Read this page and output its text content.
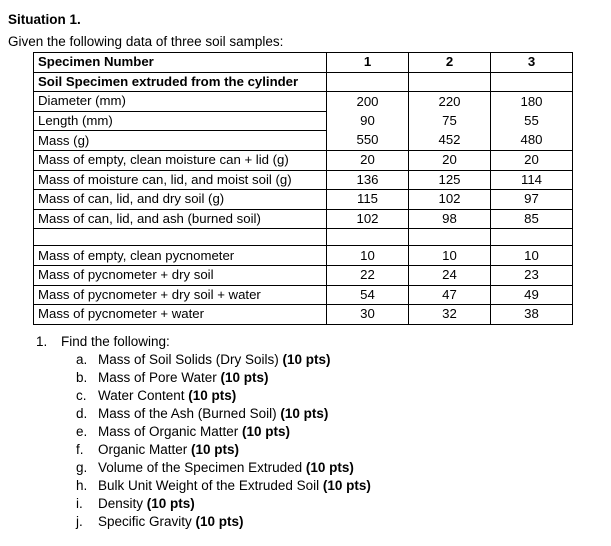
Situation 1.
Given the following data of three soil samples:
Specimen Number	1	2	3
Soil Specimen extruded from the cylinder			
Diameter (mm)	200	220	180
Length (mm)	90	75	55
Mass (g)	550	452	480
Mass of empty, clean moisture can + lid (g)	20	20	20
Mass of moisture can, lid, and moist soil (g)	136	125	114
Mass of can, lid, and dry soil (g)	115	102	97
Mass of can, lid, and ash (burned soil)	102	98	85

Mass of empty, clean pycnometer	10	10	10
Mass of pycnometer + dry soil	22	24	23
Mass of pycnometer + dry soil + water	54	47	49
Mass of pycnometer + water	30	32	38
1. Find the following:
a. Mass of Soil Solids (Dry Soils) (10 pts)
b. Mass of Pore Water (10 pts)
c. Water Content (10 pts)
d. Mass of the Ash (Burned Soil) (10 pts)
e. Mass of Organic Matter (10 pts)
f. Organic Matter (10 pts)
g. Volume of the Specimen Extruded (10 pts)
h. Bulk Unit Weight of the Extruded Soil (10 pts)
i. Density (10 pts)
j. Specific Gravity (10 pts)
